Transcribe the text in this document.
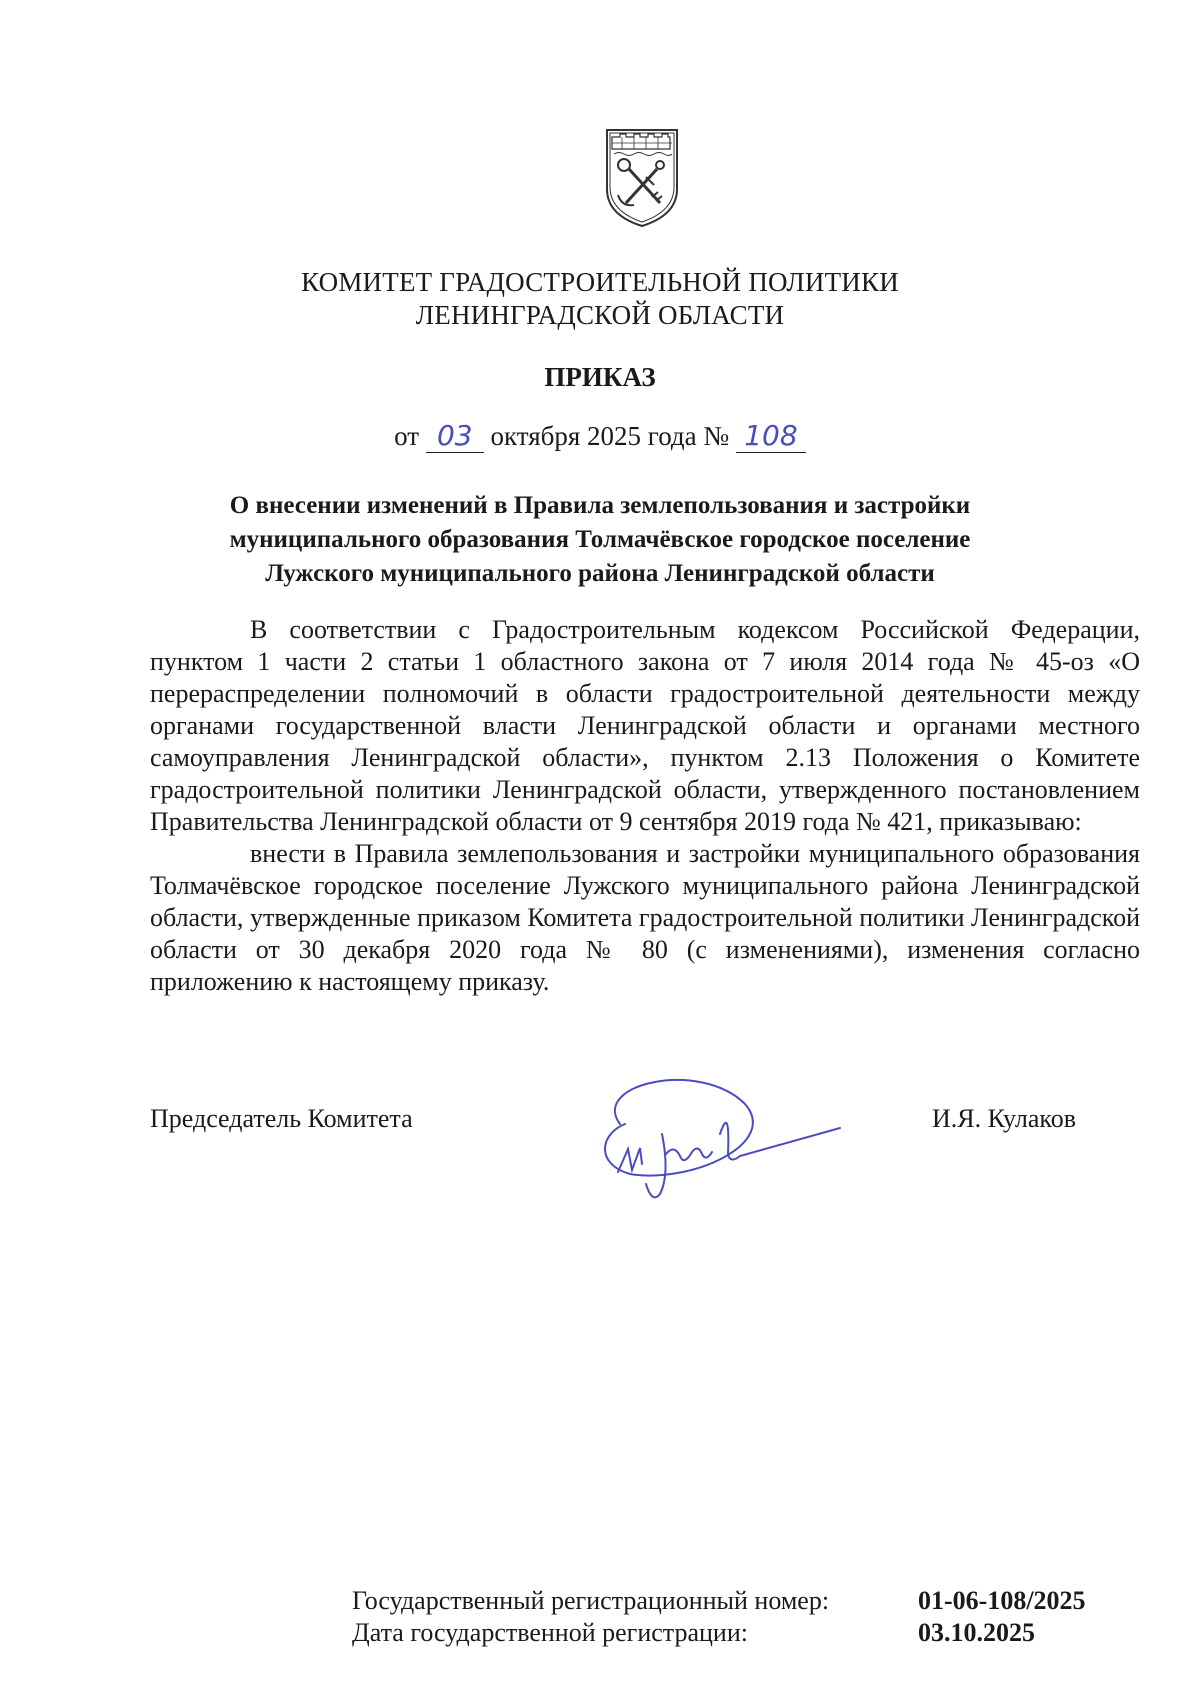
КОМИТЕТ ГРАДОСТРОИТЕЛЬНОЙ ПОЛИТИКИ
ЛЕНИНГРАДСКОЙ ОБЛАСТИ
ПРИКАЗ
от 03 октября 2025 года № 108
О внесении изменений в Правила землепользования и застройки
муниципального образования Толмачёвское городское поселение
Лужского муниципального района Ленинградской области

В соответствии с Градостроительным кодексом Российской Федерации, пунктом 1 части 2 статьи 1 областного закона от 7 июля 2014 года № 45-оз «О перераспределении полномочий в области градостроительной деятельности между органами государственной власти Ленинградской области и органами местного самоуправления Ленинградской области», пунктом 2.13 Положения о Комитете градостроительной политики Ленинградской области, утвержденного постановлением Правительства Ленинградской области от 9 сентября 2019 года № 421, приказываю:

внести в Правила землепользования и застройки муниципального образования Толмачёвское городское поселение Лужского муниципального района Ленинградской области, утвержденные приказом Комитета градостроительной политики Ленинградской области от 30 декабря 2020 года № 80 (с изменениями), изменения согласно приложению к настоящему приказу.

Председатель Комитета	И.Я. Кулаков
Государственный регистрационный номер:	01-06-108/2025
Дата государственной регистрации:	03.10.2025
